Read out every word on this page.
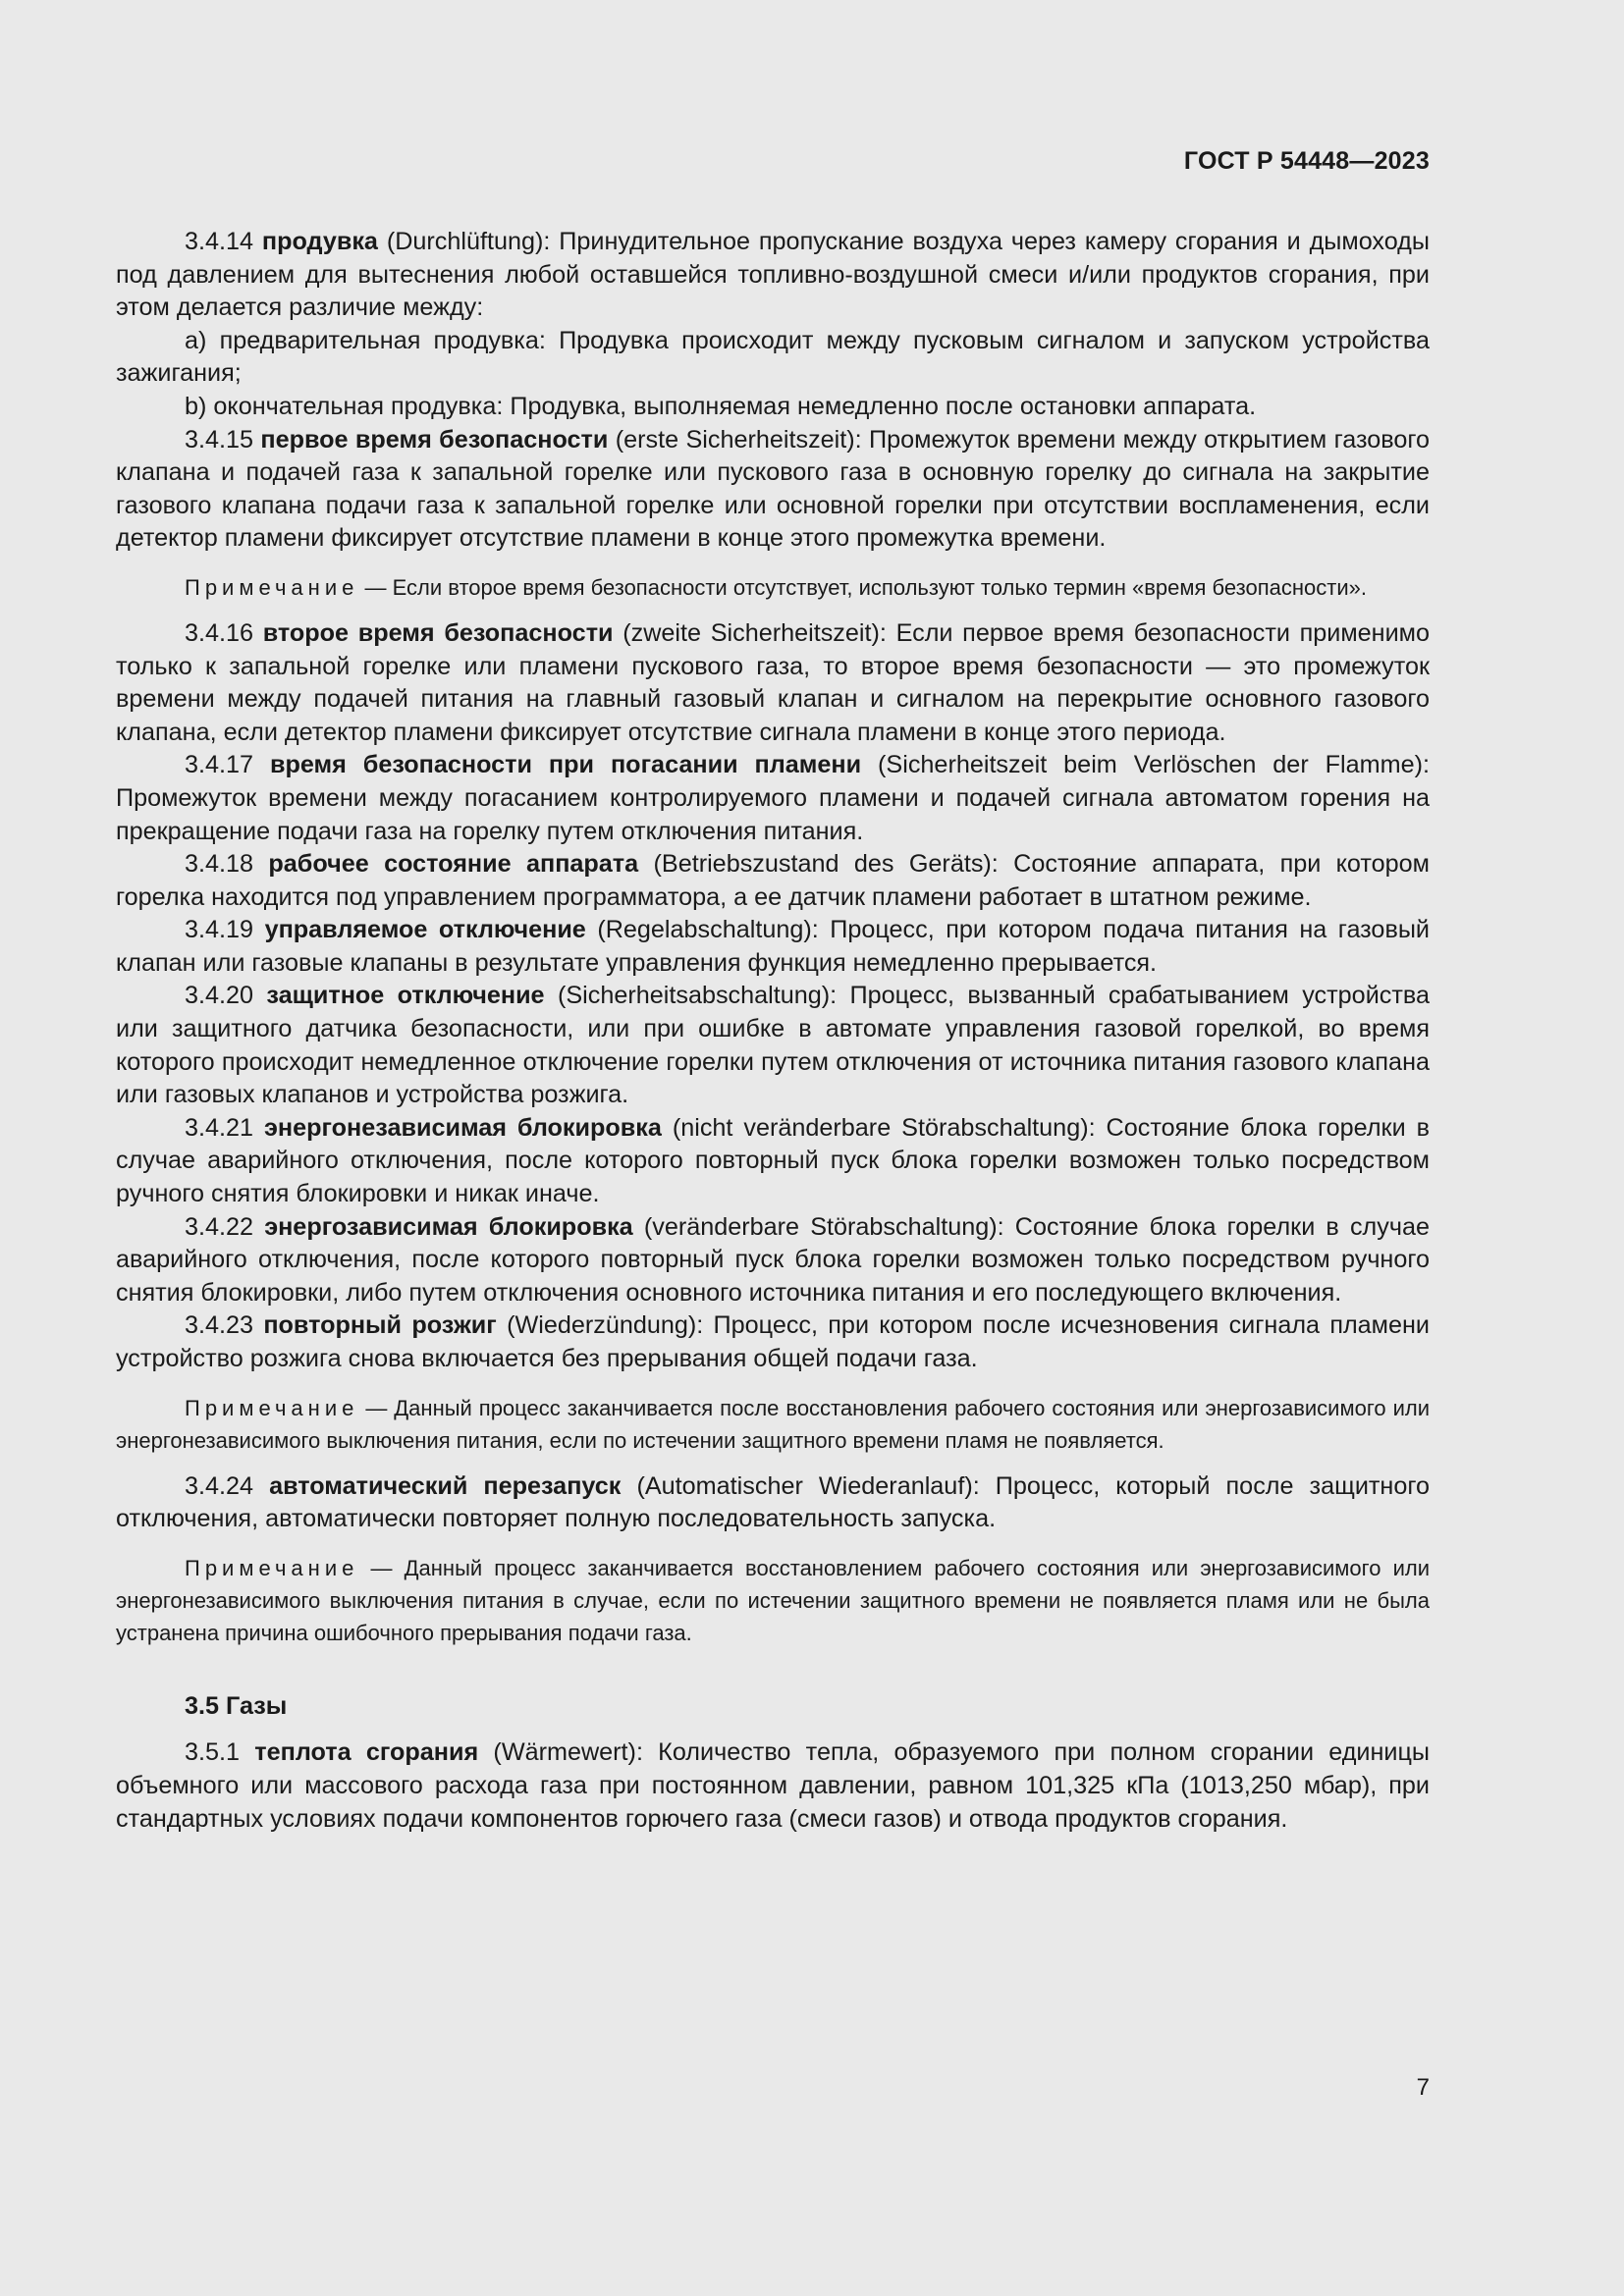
ГОСТ Р 54448—2023

3.4.14 продувка (Durchlüftung): Принудительное пропускание воздуха через камеру сгорания и дымоходы под давлением для вытеснения любой оставшейся топливно-воздушной смеси и/или продуктов сгорания, при этом делается различие между:

а) предварительная продувка: Продувка происходит между пусковым сигналом и запуском устройства зажигания;

b) окончательная продувка: Продувка, выполняемая немедленно после остановки аппарата.

3.4.15 первое время безопасности (erste Sicherheitszeit): Промежуток времени между открытием газового клапана и подачей газа к запальной горелке или пускового газа в основную горелку до сигнала на закрытие газового клапана подачи газа к запальной горелке или основной горелки при отсутствии воспламенения, если детектор пламени фиксирует отсутствие пламени в конце этого промежутка времени.

Примечание — Если второе время безопасности отсутствует, используют только термин «время безопасности».

3.4.16 второе время безопасности (zweite Sicherheitszeit): Если первое время безопасности применимо только к запальной горелке или пламени пускового газа, то второе время безопасности — это промежуток времени между подачей питания на главный газовый клапан и сигналом на перекрытие основного газового клапана, если детектор пламени фиксирует отсутствие сигнала пламени в конце этого периода.

3.4.17 время безопасности при погасании пламени (Sicherheitszeit beim Verlöschen der Flamme): Промежуток времени между погасанием контролируемого пламени и подачей сигнала автоматом горения на прекращение подачи газа на горелку путем отключения питания.

3.4.18 рабочее состояние аппарата (Betriebszustand des Geräts): Состояние аппарата, при котором горелка находится под управлением программатора, а ее датчик пламени работает в штатном режиме.

3.4.19 управляемое отключение (Regelabschaltung): Процесс, при котором подача питания на газовый клапан или газовые клапаны в результате управления функция немедленно прерывается.

3.4.20 защитное отключение (Sicherheitsabschaltung): Процесс, вызванный срабатыванием устройства или защитного датчика безопасности, или при ошибке в автомате управления газовой горелкой, во время которого происходит немедленное отключение горелки путем отключения от источника питания газового клапана или газовых клапанов и устройства розжига.

3.4.21 энергонезависимая блокировка (nicht veränderbare Störabschaltung): Состояние блока горелки в случае аварийного отключения, после которого повторный пуск блока горелки возможен только посредством ручного снятия блокировки и никак иначе.

3.4.22 энергозависимая блокировка (veränderbare Störabschaltung): Состояние блока горелки в случае аварийного отключения, после которого повторный пуск блока горелки возможен только посредством ручного снятия блокировки, либо путем отключения основного источника питания и его последующего включения.

3.4.23 повторный розжиг (Wiederzündung): Процесс, при котором после исчезновения сигнала пламени устройство розжига снова включается без прерывания общей подачи газа.

Примечание — Данный процесс заканчивается после восстановления рабочего состояния или энергозависимого или энергонезависимого выключения питания, если по истечении защитного времени пламя не появляется.

3.4.24 автоматический перезапуск (Automatischer Wiederanlauf): Процесс, который после защитного отключения, автоматически повторяет полную последовательность запуска.

Примечание — Данный процесс заканчивается восстановлением рабочего состояния или энергозависимого или энергонезависимого выключения питания в случае, если по истечении защитного времени не появляется пламя или не была устранена причина ошибочного прерывания подачи газа.

3.5 Газы

3.5.1 теплота сгорания (Wärmewert): Количество тепла, образуемого при полном сгорании единицы объемного или массового расхода газа при постоянном давлении, равном 101,325 кПа (1013,250 мбар), при стандартных условиях подачи компонентов горючего газа (смеси газов) и отвода продуктов сгорания.

7
